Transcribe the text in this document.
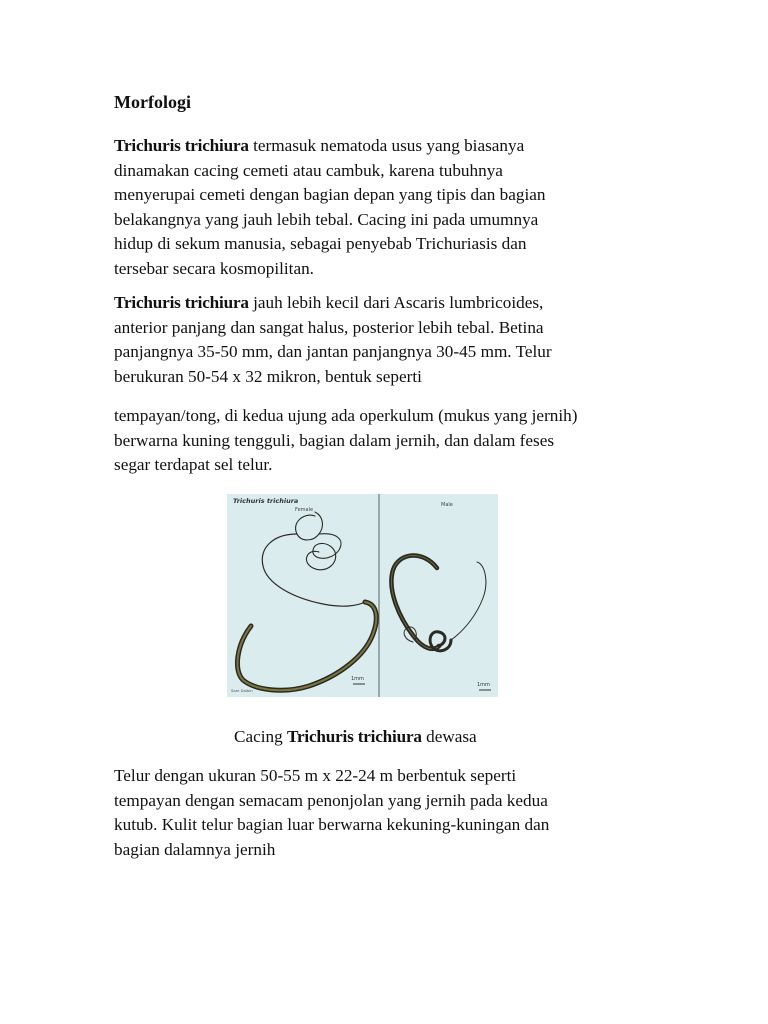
Morfologi

Trichuris trichiura termasuk nematoda usus yang biasanya
dinamakan cacing cemeti atau cambuk, karena tubuhnya
menyerupai cemeti dengan bagian depan yang tipis dan bagian
belakangnya yang jauh lebih tebal. Cacing ini pada umumnya
hidup di sekum manusia, sebagai penyebab Trichuriasis dan
tersebar secara kosmopilitan.

Trichuris trichiura jauh lebih kecil dari Ascaris lumbricoides,
anterior panjang dan sangat halus, posterior lebih tebal. Betina
panjangnya 35-50 mm, dan jantan panjangnya 30-45 mm. Telur
berukuran 50-54 x 32 mikron, bentuk seperti

tempayan/tong, di kedua ujung ada operkulum (mukus yang jernih)
berwarna kuning tengguli, bagian dalam jernih, dan dalam feses
segar terdapat sel telur.

Trichuris trichiura
Female
Male
1mm
1mm
Sam Dolbin

Cacing Trichuris trichiura dewasa

Telur dengan ukuran 50-55 m x 22-24 m berbentuk seperti
tempayan dengan semacam penonjolan yang jernih pada kedua
kutub. Kulit telur bagian luar berwarna kekuning-kuningan dan
bagian dalamnya jernih
